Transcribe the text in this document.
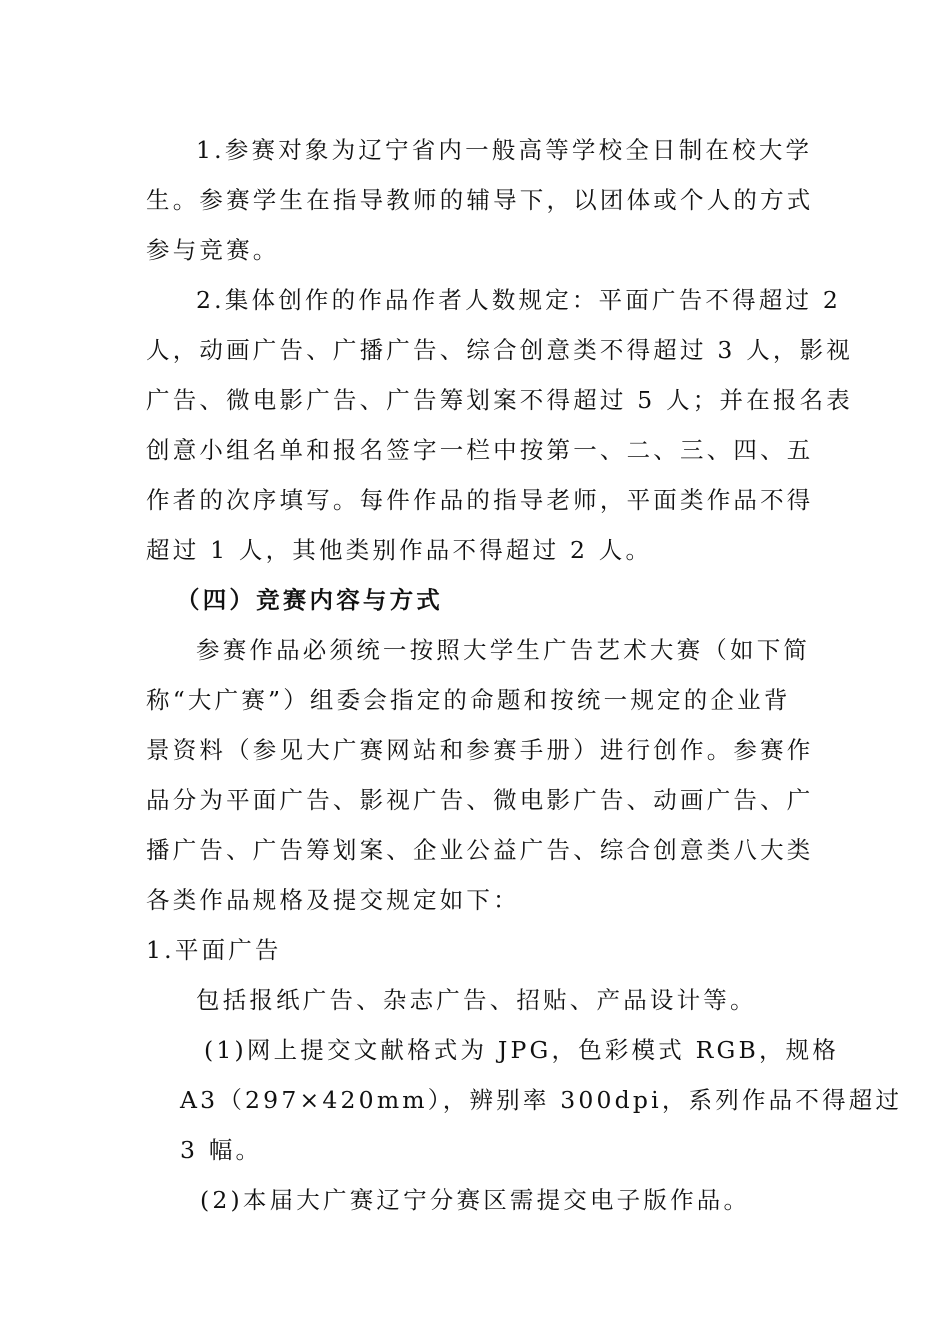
1.参赛对象为辽宁省内一般高等学校全日制在校大学
生。参赛学生在指导教师的辅导下，以团体或个人的方式
参与竞赛。
2.集体创作的作品作者人数规定：平面广告不得超过 2
人，动画广告、广播广告、综合创意类不得超过 3 人，影视
广告、微电影广告、广告筹划案不得超过 5 人；并在报名表
创意小组名单和报名签字一栏中按第一、二、三、四、五
作者的次序填写。每件作品的指导老师，平面类作品不得
超过 1 人，其他类别作品不得超过 2 人。
（四）竞赛内容与方式
参赛作品必须统一按照大学生广告艺术大赛（如下简
称“大广赛”）组委会指定的命题和按统一规定的企业背
景资料（参见大广赛网站和参赛手册）进行创作。参赛作
品分为平面广告、影视广告、微电影广告、动画广告、广
播广告、广告筹划案、企业公益广告、综合创意类八大类
各类作品规格及提交规定如下：
1.平面广告
包括报纸广告、杂志广告、招贴、产品设计等。
(1)网上提交文献格式为 JPG，色彩模式 RGB，规格
A3（297×420mm），辨别率 300dpi，系列作品不得超过
3 幅。
(2)本届大广赛辽宁分赛区需提交电子版作品。
